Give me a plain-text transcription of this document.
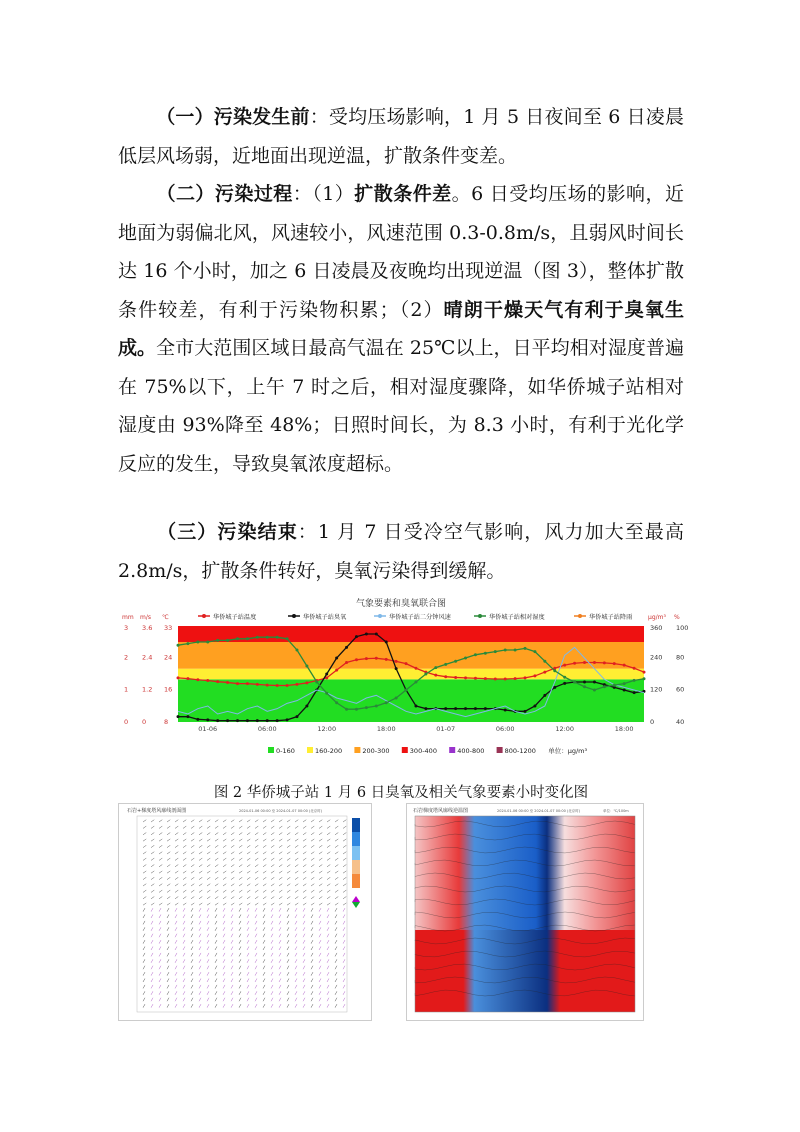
（一）污染发生前：受均压场影响，1 月 5 日夜间至 6 日凌晨低层风场弱，近地面出现逆温，扩散条件变差。
（二）污染过程：（1）扩散条件差。6 日受均压场的影响，近地面为弱偏北风，风速较小，风速范围 0.3-0.8m/s，且弱风时间长达 16 个小时，加之 6 日凌晨及夜晚均出现逆温（图 3），整体扩散条件较差，有利于污染物积累；（2）晴朗干燥天气有利于臭氧生成。全市大范围区域日最高气温在 25℃以上，日平均相对湿度普遍在 75%以下，上午 7 时之后，相对湿度骤降，如华侨城子站相对湿度由 93%降至 48%；日照时间长，为 8.3 小时，有利于光化学反应的发生，导致臭氧浓度超标。
（三）污染结束：1 月 7 日受冷空气影响，风力加大至最高 2.8m/s，扩散条件转好，臭氧污染得到缓解。
气象要素和臭氧联合图
华侨城子站温度	华侨城子站臭氧	华侨城子站二分钟风速	华侨城子站相对湿度	华侨城子站降雨
mm m/s ℃	μg/m³ %
3
2
1
0
3.6
2.4
1.2
0
33
24
16
8
360
240
120
0
100
80
60
40
01-06	06:00	12:00	18:00	01-07	06:00	12:00	18:00
0-160	160-200	200-300	300-400	400-800	800-1200 单位：μg/m³
图 2 华侨城子站 1 月 6 日臭氧及相关气象要素小时变化图
石岩+梯度塔风廓线剖面图	2024-01-06 00:00 至 2024-01-07 00:00 (北京时)	石岩梯度塔风廓线逆温图	2024-01-06 00:00 至 2024-01-07 00:00 (北京时)	单位：℃/100m
